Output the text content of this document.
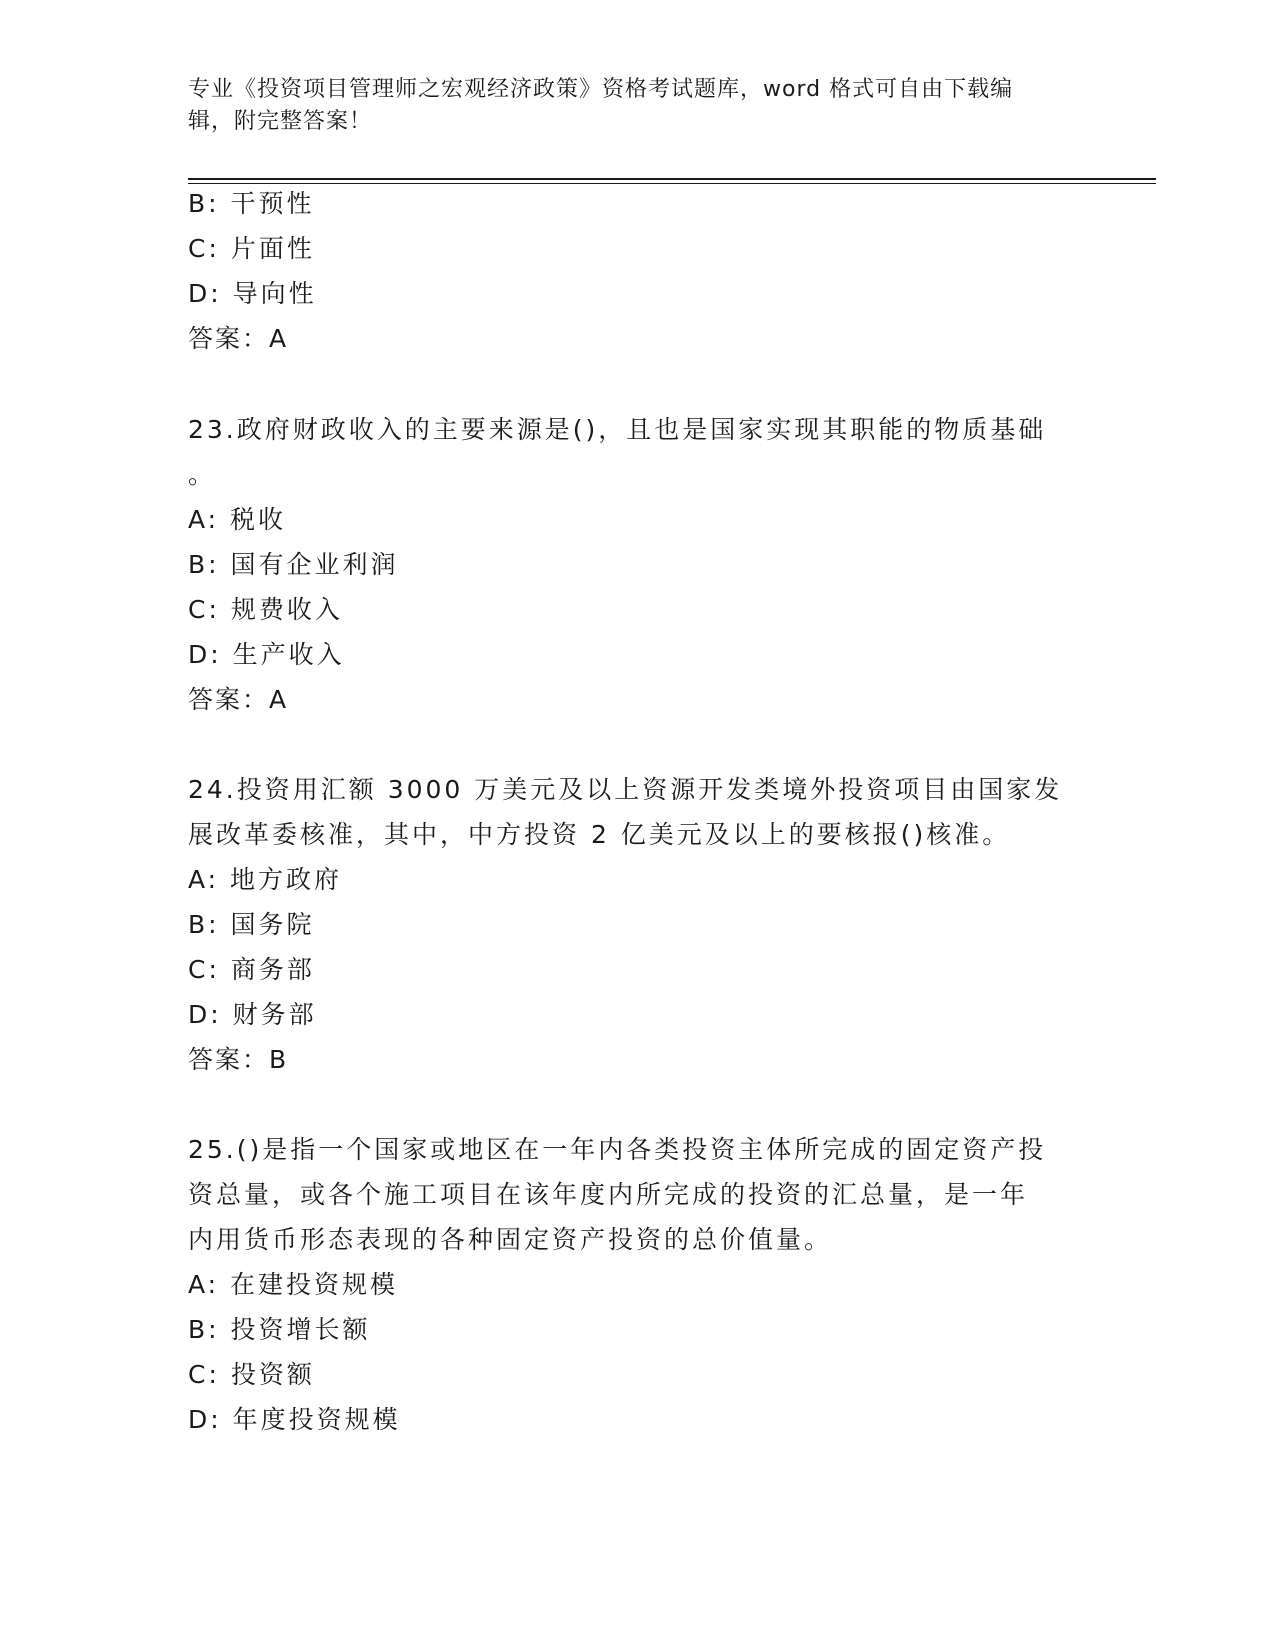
专业《投资项目管理师之宏观经济政策》资格考试题库，word 格式可自由下载编
辑，附完整答案！
B: 干预性
C: 片面性
D: 导向性
答案：A
23.政府财政收入的主要来源是()，且也是国家实现其职能的物质基础
。
A: 税收
B: 国有企业利润
C: 规费收入
D: 生产收入
答案：A
24.投资用汇额 3000 万美元及以上资源开发类境外投资项目由国家发
展改革委核准，其中，中方投资 2 亿美元及以上的要核报()核准。
A: 地方政府
B: 国务院
C: 商务部
D: 财务部
答案：B
25.()是指一个国家或地区在一年内各类投资主体所完成的固定资产投
资总量，或各个施工项目在该年度内所完成的投资的汇总量，是一年
内用货币形态表现的各种固定资产投资的总价值量。
A: 在建投资规模
B: 投资增长额
C: 投资额
D: 年度投资规模
